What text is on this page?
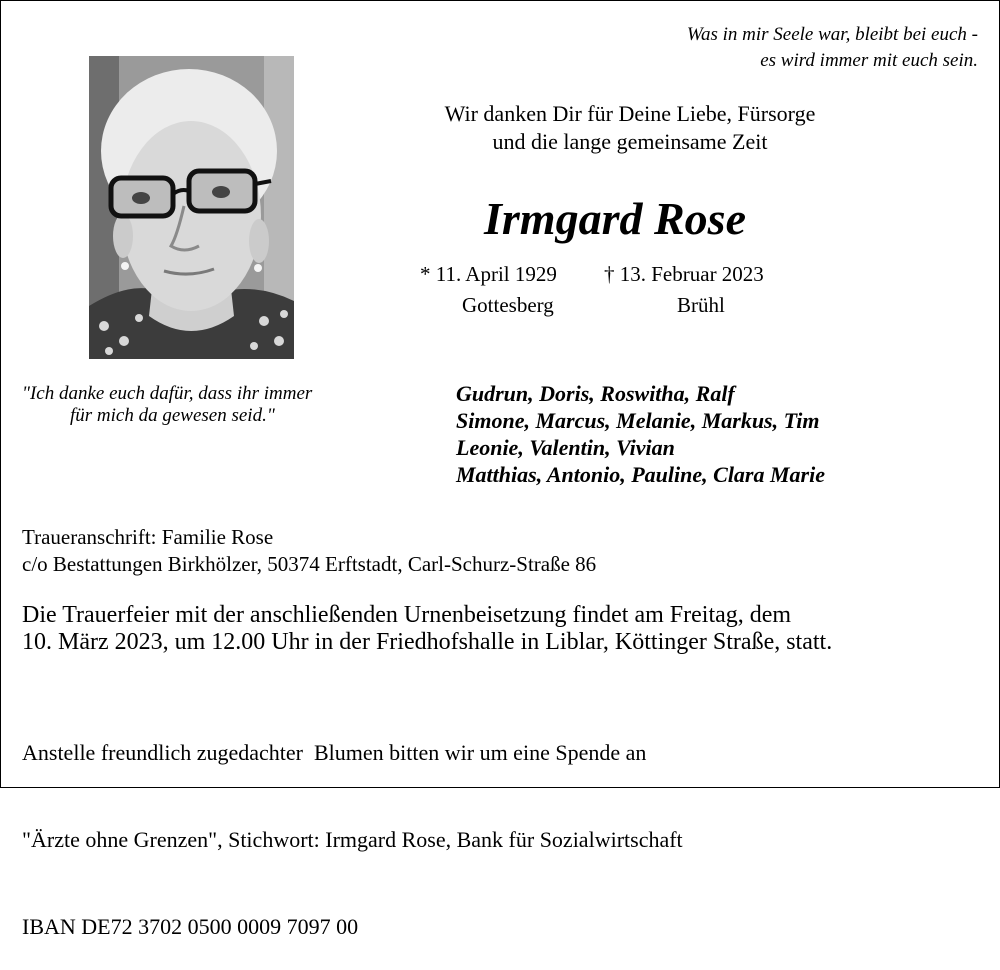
Was in mir Seele war, bleibt bei euch -
es wird immer mit euch sein.
Wir danken Dir für Deine Liebe, Fürsorge
und die lange gemeinsame Zeit
Irmgard Rose
* 11. April 1929 † 13. Februar 2023
Gottesberg	Brühl
"Ich danke euch dafür, dass ihr immer
für mich da gewesen seid."
Gudrun, Doris, Roswitha, Ralf
Simone, Marcus, Melanie, Markus, Tim
Leonie, Valentin, Vivian
Matthias, Antonio, Pauline, Clara Marie
Traueranschrift: Familie Rose
c/o Bestattungen Birkhölzer, 50374 Erftstadt, Carl-Schurz-Straße 86
Die Trauerfeier mit der anschließenden Urnenbeisetzung findet am Freitag, dem
10. März 2023, um 12.00 Uhr in der Friedhofshalle in Liblar, Köttinger Straße, statt.

Anstelle freundlich zugedachter  Blumen bitten wir um eine Spende an

"Ärzte ohne Grenzen", Stichwort: Irmgard Rose, Bank für Sozialwirtschaft

IBAN DE72 3702 0500 0009 7097 00
